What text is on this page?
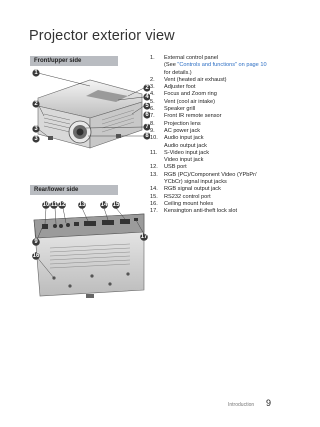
Projector exterior view
Front/upper side
Rear/lower side
1
2
4
5
6
2
3	7
8
3
10 11 12 13	14 15
9
16
17
1.	External control panel
(See "Controls and functions" on page 10
for details.)
2.	Vent (heated air exhaust)
3.	Adjuster foot
4.	Focus and Zoom ring
5.	Vent (cool air intake)
6.	Speaker grill
7.	Front IR remote sensor
8.	Projection lens
9.	AC power jack
10.	Audio input jack
Audio output jack
11.	S-Video input jack
Video input jack
12.	USB port
13.	RGB (PC)/Component Video (YPbPr/
YCbCr) signal input jacks
14.	RGB signal output jack
15.	RS232 control port
16.	Ceiling mount holes
17.	Kensington anti-theft lock slot
Introduction 9
